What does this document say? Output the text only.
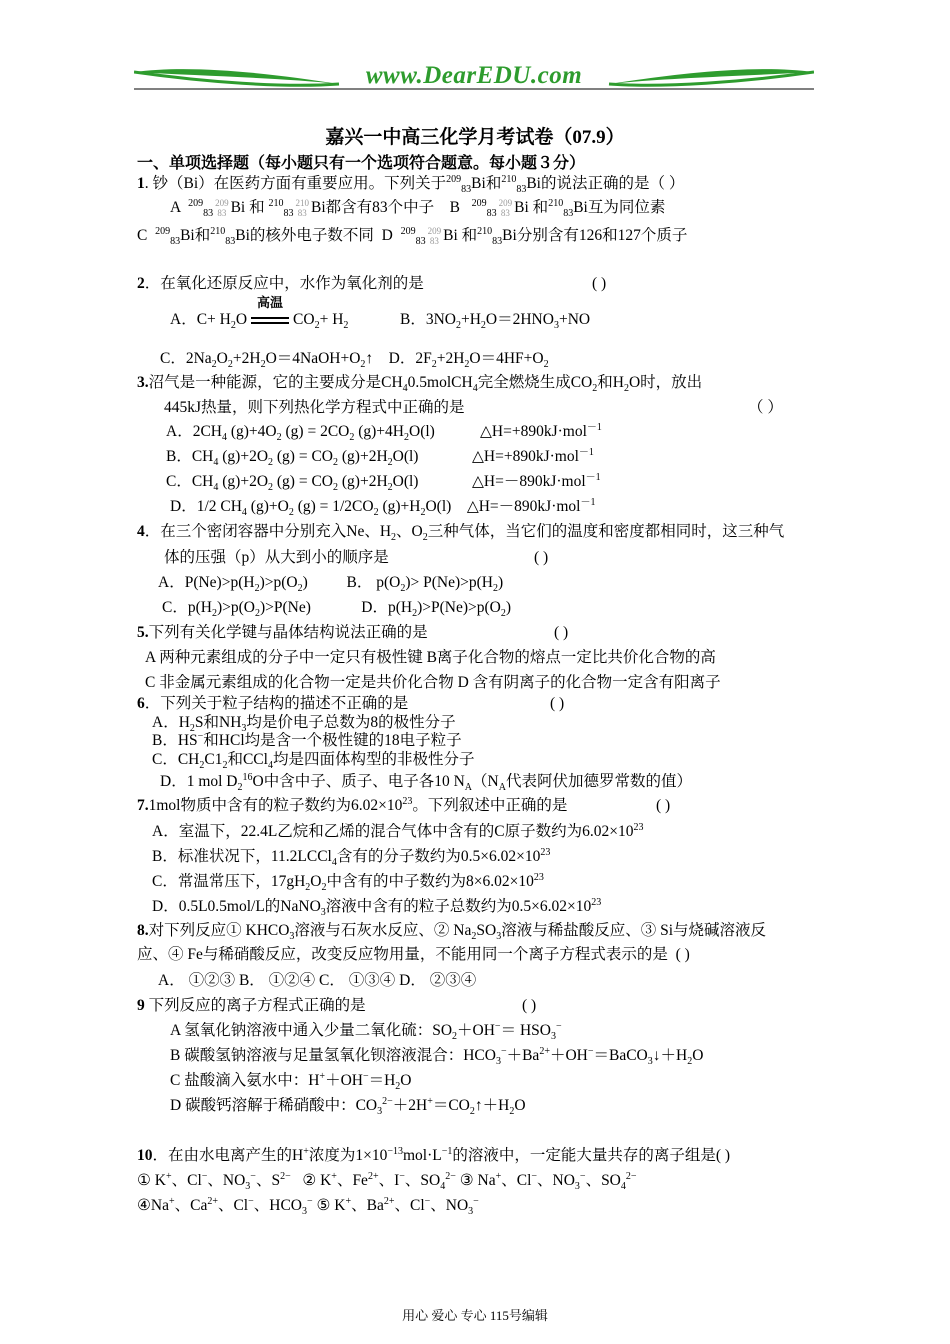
www.DearEDU.com
嘉兴一中高三化学月考试卷（07.9）
一、单项选择题（每小题只有一个选项符合题意。每小题３分）
1. 钞（Bi）在医药方面有重要应用。下列关于$^{209}_{83}$Bi和$^{210}_{83}$Bi的说法正确的是（ ）
A  $^{209}_{83}$209
83 Bi 和 $^{210}_{83}$210
83 Bi都含有83个中子    B   $^{209}_{83}$209
83 Bi 和$^{210}_{83}$Bi互为同位素
C  $^{209}_{83}$Bi和$^{210}_{83}$Bi的核外电子数不同  D  $^{209}_{83}$209
83 Bi 和$^{210}_{83}$Bi分别含有126和127个质子
2．在氧化还原反应中，水作为氧化剂的是	( )
A．$C+ H_2O$
高温
$CO_2+ H_2$	B．$3NO_2+H_2O=2HNO_3+NO$
C．$2Na_2O_2+2H_2O=4NaOH+O_2↑$ D．$2F_2+2H_2O=4HF+O_2$
3.沼气是一种能源，它的主要成分是$CH_40.5molCH_4$完全燃烧生成$CO_2$和$H_2O$时，放出
445kJ热量，则下列热化学方程式中正确的是	（ ）
A．$2CH_4$ $(g)+4O_2$ $(g) = 2CO_2$ $(g)+4H_2O(l)$	△H=+890kJ·mol$^{-1}$
B．$CH_4$ $(g)+2O_2$ $(g) = CO_2$ $(g)+2H_2O(l)$	△H=+890kJ·mol$^{-1}$
C．$CH_4$ $(g)+2O_2$ $(g) = CO_2$ $(g)+2H_2O(l)$	△H=－890kJ·mol$^{-1}$
D．1/2 $CH_4$ $(g)+O_2$ $(g) = 1/2CO_2$ $(g)+H_2O(l)$ △H=－890kJ·mol$^{-1}$
4．在三个密闭容器中分别充入Ne、$H_2$、$O_2$三种气体，当它们的温度和密度都相同时，这三种气
体的压强（p）从大到小的顺序是	( )
A．$P(Ne)>p(H_2)>p(O_2)$	B． $p(O_2)> P(Ne)>p(H_2)$
C．$p(H_2)>p(O_2)>P(Ne)$	D．$p(H_2)>P(Ne)>p(O_2)$
5.下列有关化学键与晶体结构说法正确的是	( )
A 两种元素组成的分子中一定只有极性键 B离子化合物的熔点一定比共价化合物的高
C 非金属元素组成的化合物一定是共价化合物 D 含有阴离子的化合物一定含有阳离子
6．下列关于粒子结构的描述不正确的是	( )
A．$H_2S$和$NH_3$均是价电子总数为8的极性分子
B．HS−和HCl均是含一个极性键的18电子粒子
C．$CH_2C1_2$和CCl$_4$均是四面体构型的非极性分子
D．1 mol $D_2^{16}O$中含中子、质子、电子各10 $N_A(N_A$代表阿伏加德罗常数的值）
7.1mol物质中含有的粒子数约为$6.02\times 10^{23}$。下列叙述中正确的是	( )
A．室温下，22.4L乙烷和乙烯的混合气体中含有的C原子数约为$6.02\times 10^{23}$
B．标准状况下，11.2LCCl$_4$含有的分子数约为$0.5\times 6.02\times 10^{23}$
C．常温常压下，$17gH_2O_2$中含有的中子数约为$8\times 6.02\times 10^{23}$
D．0.5L0.5mol/L的NaNO$_3$溶液中含有的粒子总数约为$0.5\times 6.02\times 10^{23}$
8.对下列反应① $KHCO_3$溶液与石灰水反应、② $Na_2SO_3$溶液与稀盐酸反应、③ Si与烧碱溶液反
应、④ Fe与稀硝酸反应，改变反应物用量，不能用同一个离子方程式表示的是 ( )
A． ①②③ B． ①②④ C． ①③④ D． ②③④
9 下列反应的离子方程式正确的是	( )
A 氢氧化钠溶液中通入少量二氧化硫：$SO_2+OH^-= HSO_3^-$
B 碳酸氢钠溶液与足量氢氧化钡溶液混合：$HCO_3^-+Ba^{2+}+OH^-=BaCO_3↓+H_2O$
C 盐酸滴入氨水中：$H^++OH^-=H_2O$
D 碳酸钙溶解于稀硝酸中：$CO_3^{2-}+2H^+=CO_2↑+H_2O$
10．在由水电离产生的H+浓度为$1\times 10^{-13}mol\cdot L^{-1}$的溶液中，一定能大量共存的离子组是( )
① K+、Cl−、$NO_3^-$、$S^{2-}$   ② K+、$Fe^{2+}$、I−、$SO_4^{2-}$ ③ Na+、Cl−、$NO_3^-$、$SO_4^{2-}$
④Na+、$Ca^{2+}$、Cl−、$HCO_3^-$ ⑤ K+、$Ba^{2+}$、Cl−、$NO_3^-$
用心 爱心 专心 115号编辑
